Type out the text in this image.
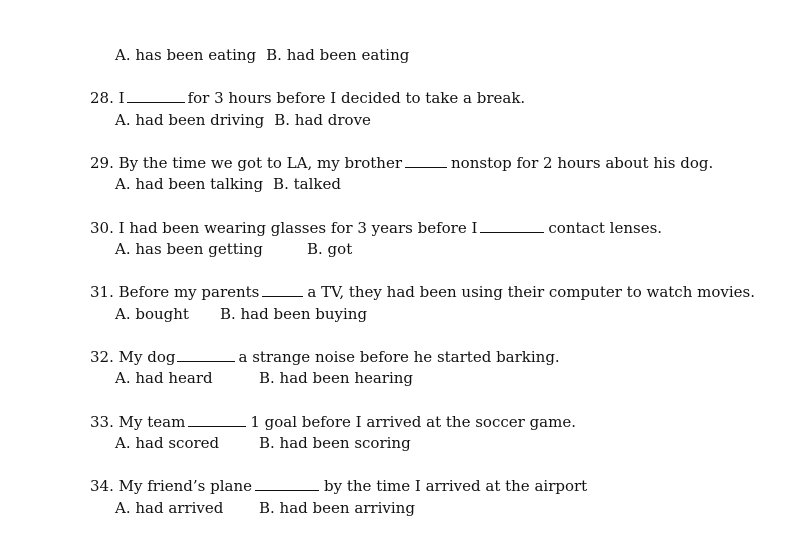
A. has been eating B. had been eating
28. I	for 3 hours before I decided to take a break.
A. had been driving B. had drove
29. By the time we got to LA, my brother	nonstop for 2 hours about his dog.
A. had been talking B. talked
30. I had been wearing glasses for 3 years before I	contact lenses.
A. has been getting	B. got
31. Before my parents	a TV, they had been using their computer to watch movies.
A. bought B. had been buying
32. My dog	a strange noise before he started barking.
A. had heard	B. had been hearing
33. My team	1 goal before I arrived at the soccer game.
A. had scored	B. had been scoring
34. My friend’s plane	by the time I arrived at the airport
A. had arrived B. had been arriving
